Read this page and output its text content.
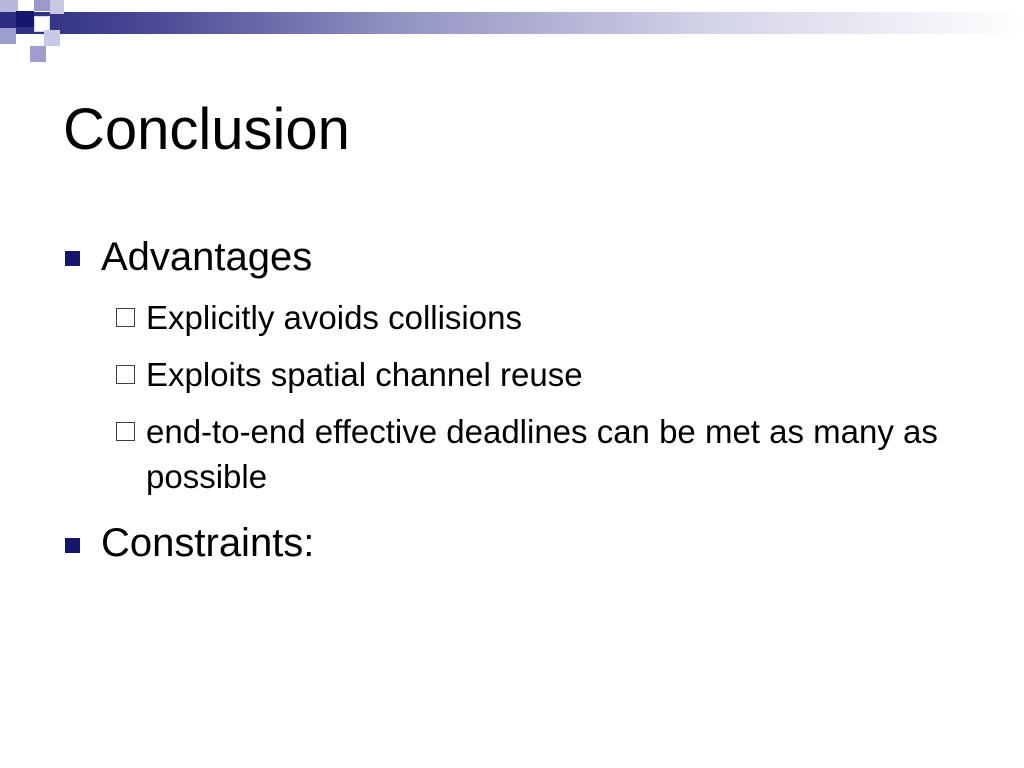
Conclusion
Advantages
Explicitly avoids collisions
Exploits spatial channel reuse
end-to-end effective deadlines can be met as many as possible
Constraints:
